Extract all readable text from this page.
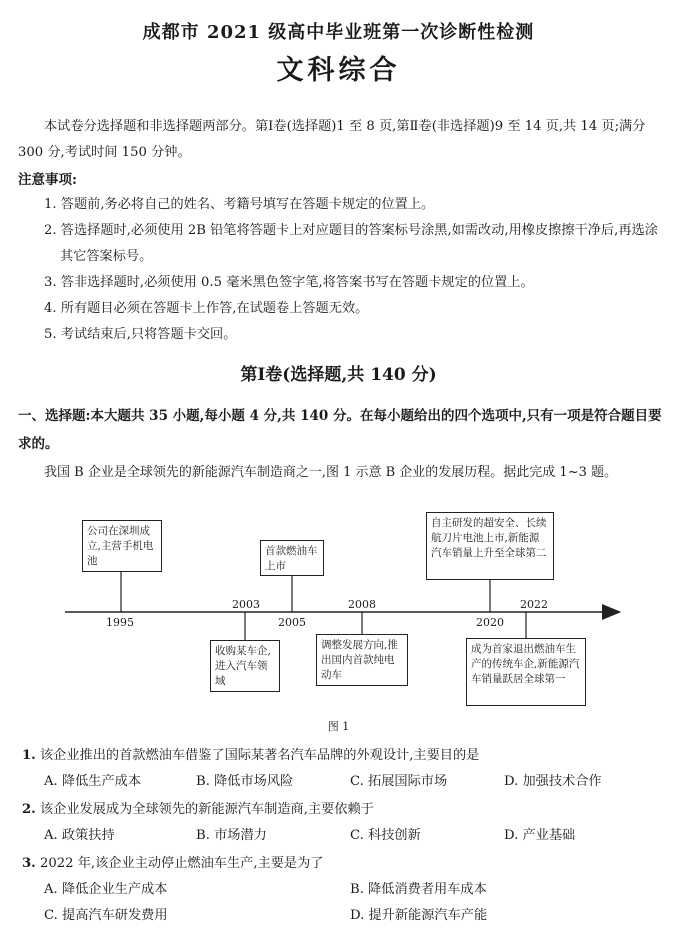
成都市 2021 级高中毕业班第一次诊断性检测
文科综合
本试卷分选择题和非选择题两部分。第Ⅰ卷(选择题)1 至 8 页,第Ⅱ卷(非选择题)9 至 14 页,共 14 页;满分 300 分,考试时间 150 分钟。
注意事项:
1. 答题前,务必将自己的姓名、考籍号填写在答题卡规定的位置上。
2. 答选择题时,必须使用 2B 铅笔将答题卡上对应题目的答案标号涂黑,如需改动,用橡皮擦擦干净后,再选涂其它答案标号。
3. 答非选择题时,必须使用 0.5 毫米黑色签字笔,将答案书写在答题卡规定的位置上。
4. 所有题目必须在答题卡上作答,在试题卷上答题无效。
5. 考试结束后,只将答题卡交回。
第Ⅰ卷(选择题,共 140 分)
一、选择题:本大题共 35 小题,每小题 4 分,共 140 分。在每小题给出的四个选项中,只有一项是符合题目要求的。
我国 B 企业是全球领先的新能源汽车制造商之一,图 1 示意 B 企业的发展历程。据此完成 1~3 题。
1995
2003
2005
2008
2020
2022
公司在深圳成立,主营手机电池
收购某车企,进入汽车领域
首款燃油车上市
调整发展方向,推出国内首款纯电动车
自主研发的超安全、长续航刀片电池上市,新能源汽车销量上升至全球第二
成为首家退出燃油车生产的传统车企,新能源汽车销量跃居全球第一
图 1
1. 该企业推出的首款燃油车借鉴了国际某著名汽车品牌的外观设计,主要目的是
A. 降低生产成本	B. 降低市场风险	C. 拓展国际市场	D. 加强技术合作
2. 该企业发展成为全球领先的新能源汽车制造商,主要依赖于
A. 政策扶持	B. 市场潜力	C. 科技创新	D. 产业基础
3. 2022 年,该企业主动停止燃油车生产,主要是为了
A. 降低企业生产成本	B. 降低消费者用车成本
C. 提高汽车研发费用	D. 提升新能源汽车产能
